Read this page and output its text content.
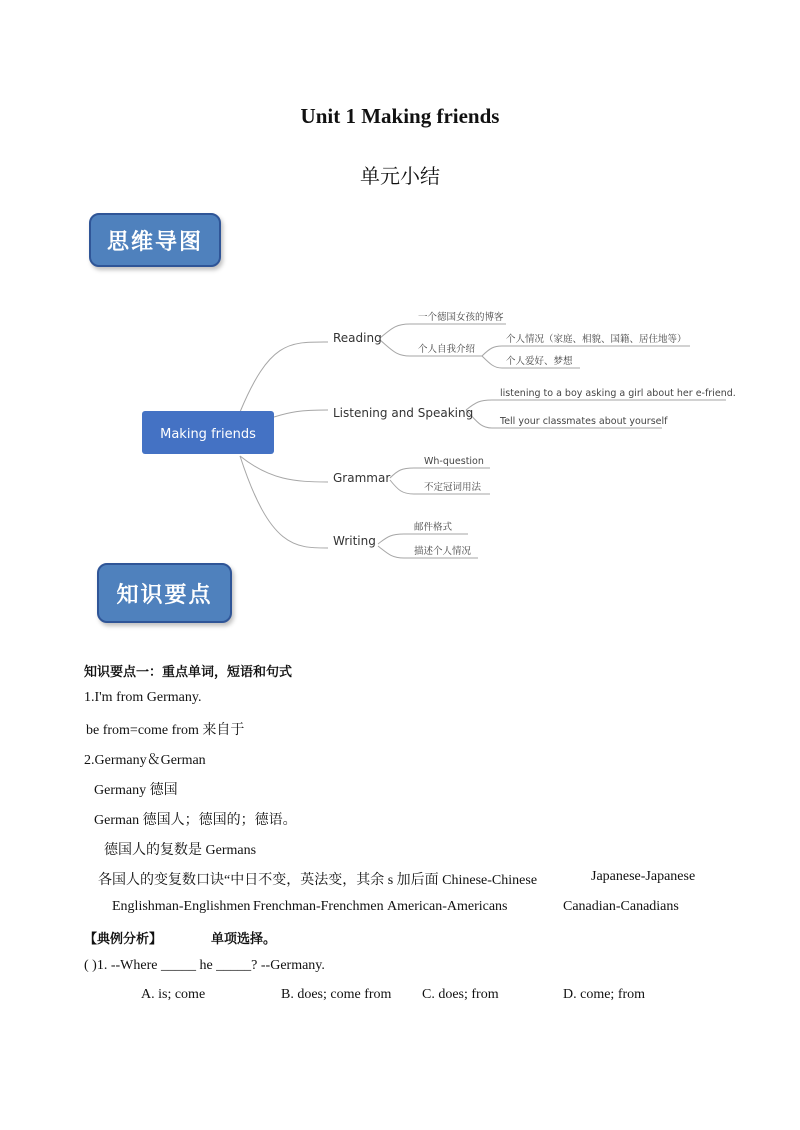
Unit 1 Making friends
单元小结
思维导图
Making friends
Reading
Listening and Speaking
Grammar
Writing
一个德国女孩的博客
个人自我介绍
个人情况（家庭、相貌、国籍、居住地等）
个人爱好、梦想
listening to a boy asking a girl about her e-friend.
Tell your classmates about yourself
Wh-question
不定冠词用法
邮件格式
描述个人情况
知识要点
知识要点一：重点单词，短语和句式
1.I'm from Germany.
be from=come from 来自于
2.Germany＆German
Germany 德国
German 德国人；德国的；德语。
德国人的复数是 Germans
各国人的变复数口诀“中日不变，英法变，其余 s 加后面 Chinese-Chinese	Japanese-Japanese
Englishman-Englishmen Frenchman-Frenchmen American-Americans	Canadian-Canadians
【典例分析】	单项选择。
( )1. --Where _____ he _____? --Germany.
A. is; come	B. does; come from C. does; from	D. come; from
